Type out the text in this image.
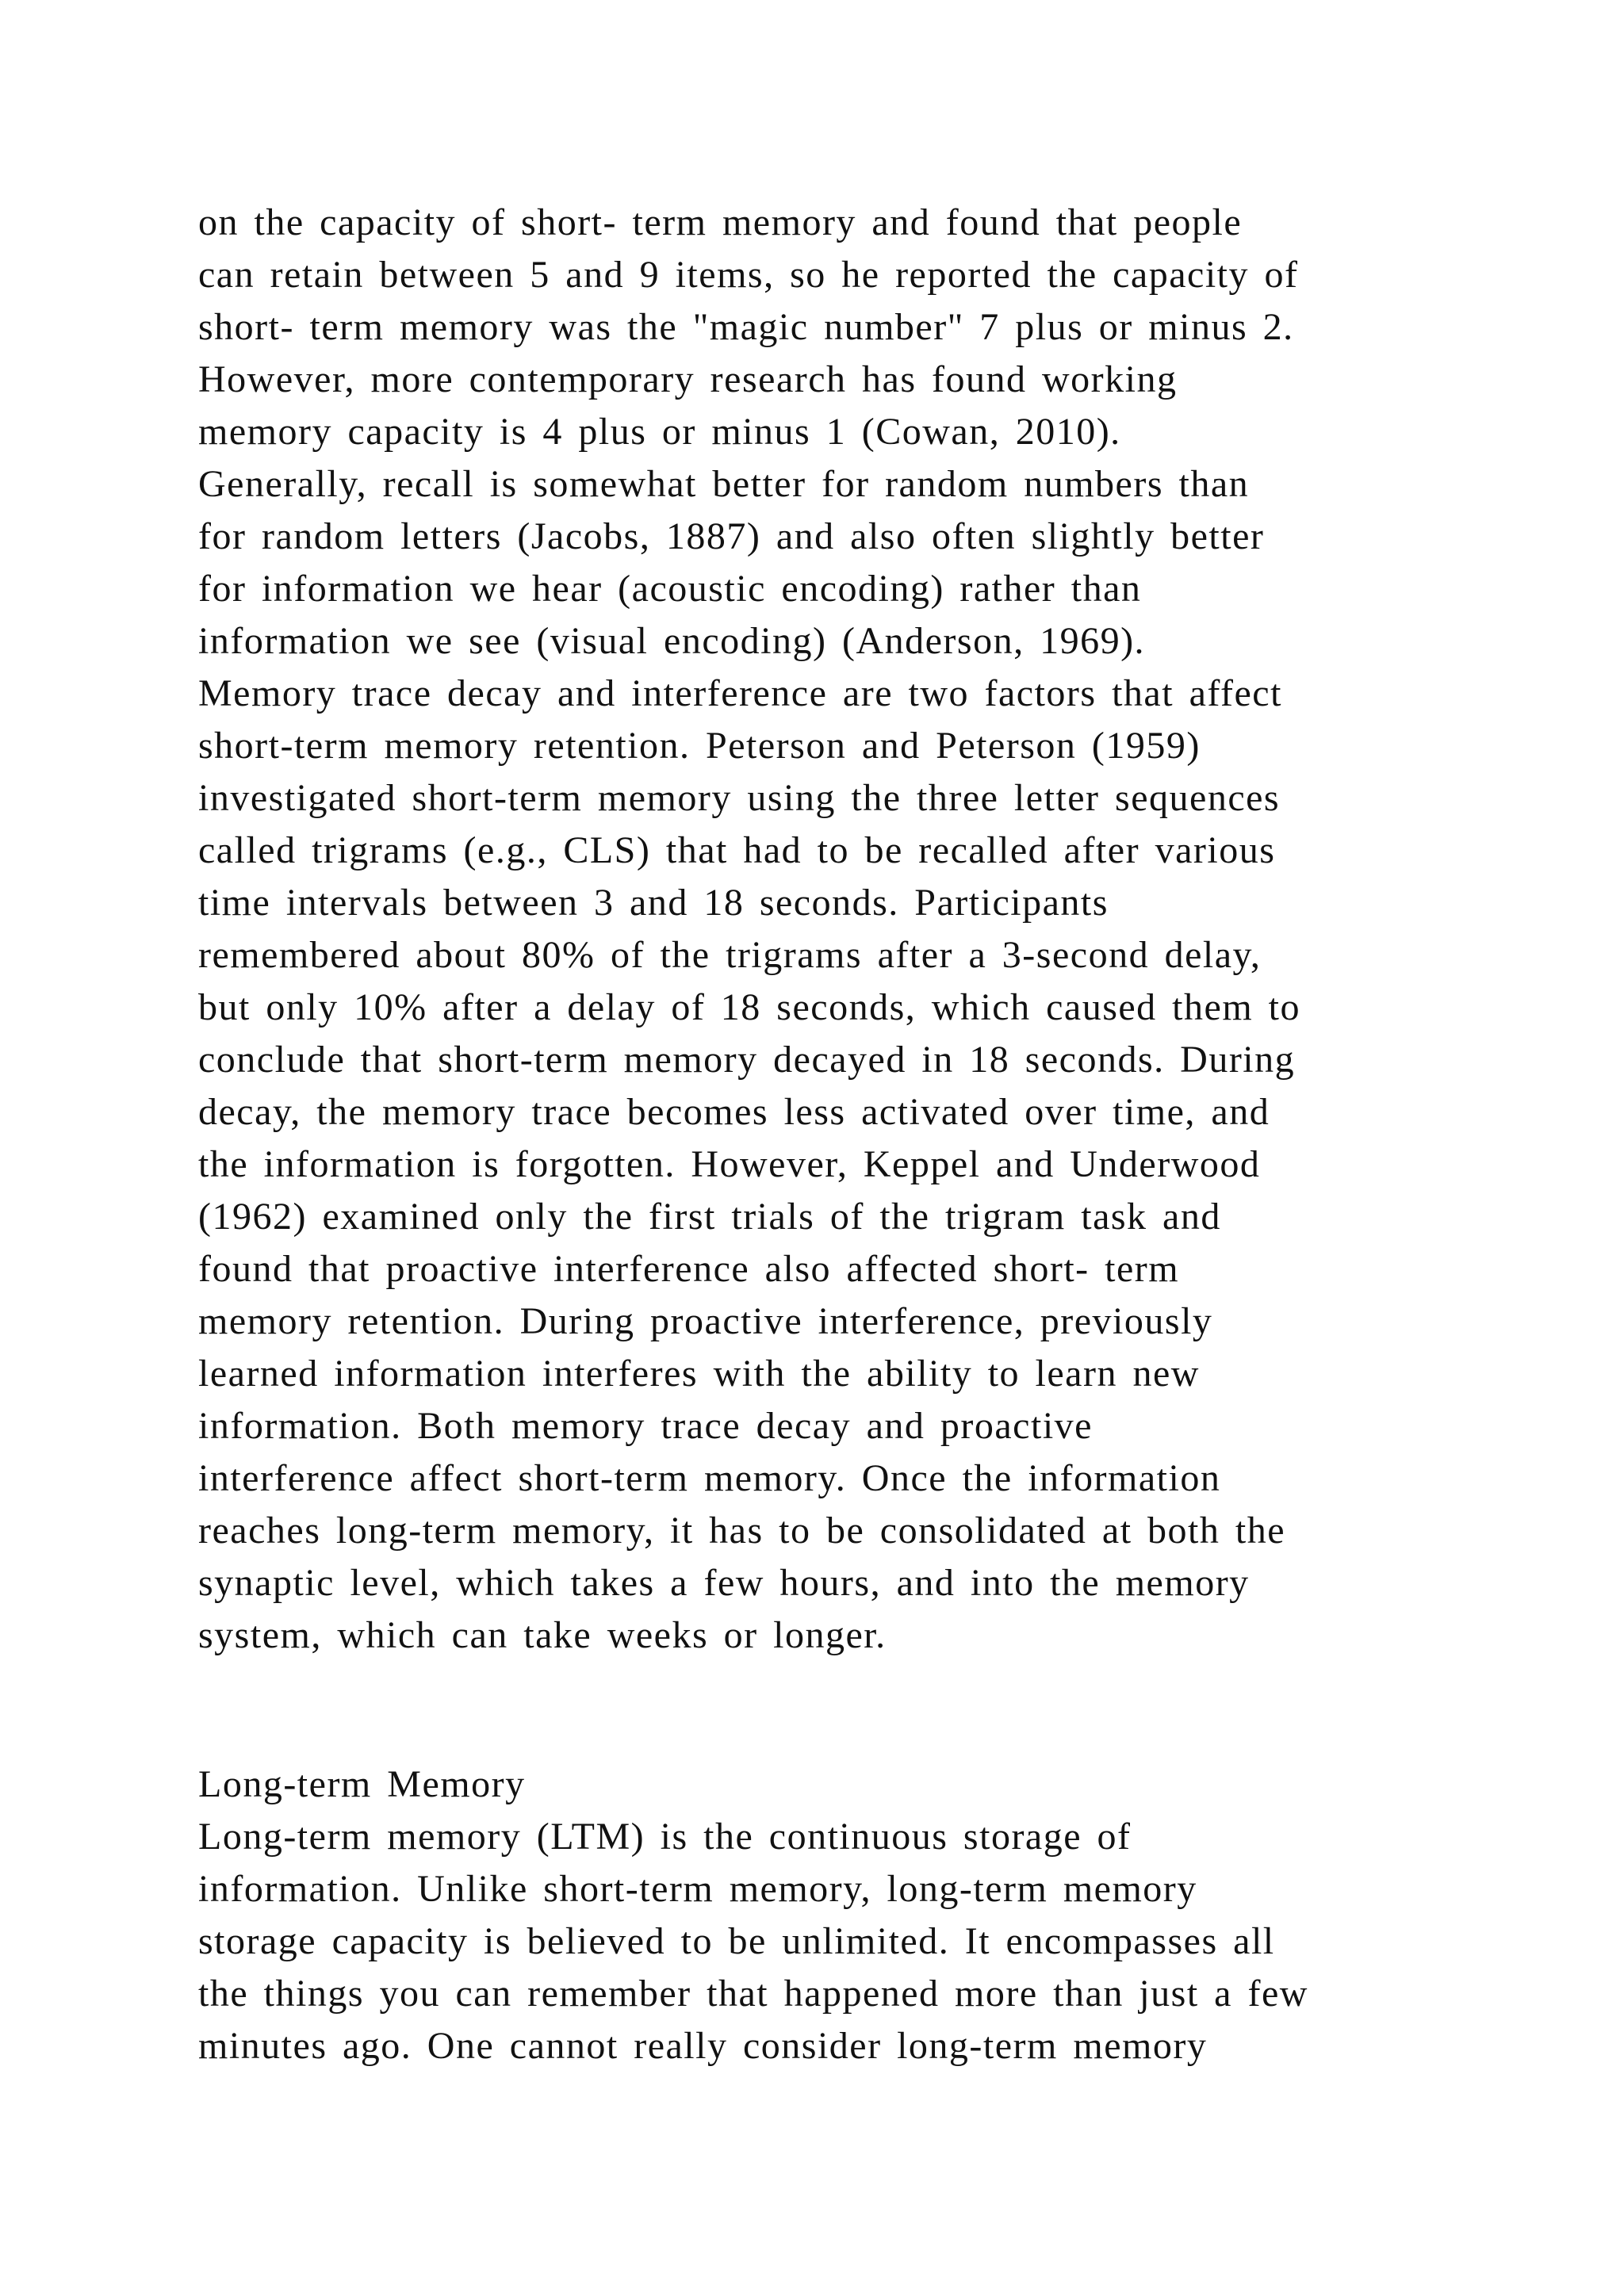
on the capacity of short- term memory and found that people
can retain between 5 and 9 items, so he reported the capacity of
short- term memory was the "magic number" 7 plus or minus 2.
However, more contemporary research has found working
memory capacity is 4 plus or minus 1 (Cowan, 2010).
Generally, recall is somewhat better for random numbers than
for random letters (Jacobs, 1887) and also often slightly better
for information we hear (acoustic encoding) rather than
information we see (visual encoding) (Anderson, 1969).
Memory trace decay and interference are two factors that affect
short-term memory retention. Peterson and Peterson (1959)
investigated short-term memory using the three letter sequences
called trigrams (e.g., CLS) that had to be recalled after various
time intervals between 3 and 18 seconds. Participants
remembered about 80% of the trigrams after a 3-second delay,
but only 10% after a delay of 18 seconds, which caused them to
conclude that short-term memory decayed in 18 seconds. During
decay, the memory trace becomes less activated over time, and
the information is forgotten. However, Keppel and Underwood
(1962) examined only the first trials of the trigram task and
found that proactive interference also affected short- term
memory retention. During proactive interference, previously
learned information interferes with the ability to learn new
information. Both memory trace decay and proactive
interference affect short-term memory. Once the information
reaches long-term memory, it has to be consolidated at both the
synaptic level, which takes a few hours, and into the memory
system, which can take weeks or longer.
Long-term Memory
Long-term memory (LTM) is the continuous storage of
information. Unlike short-term memory, long-term memory
storage capacity is believed to be unlimited. It encompasses all
the things you can remember that happened more than just a few
minutes ago. One cannot really consider long-term memory
